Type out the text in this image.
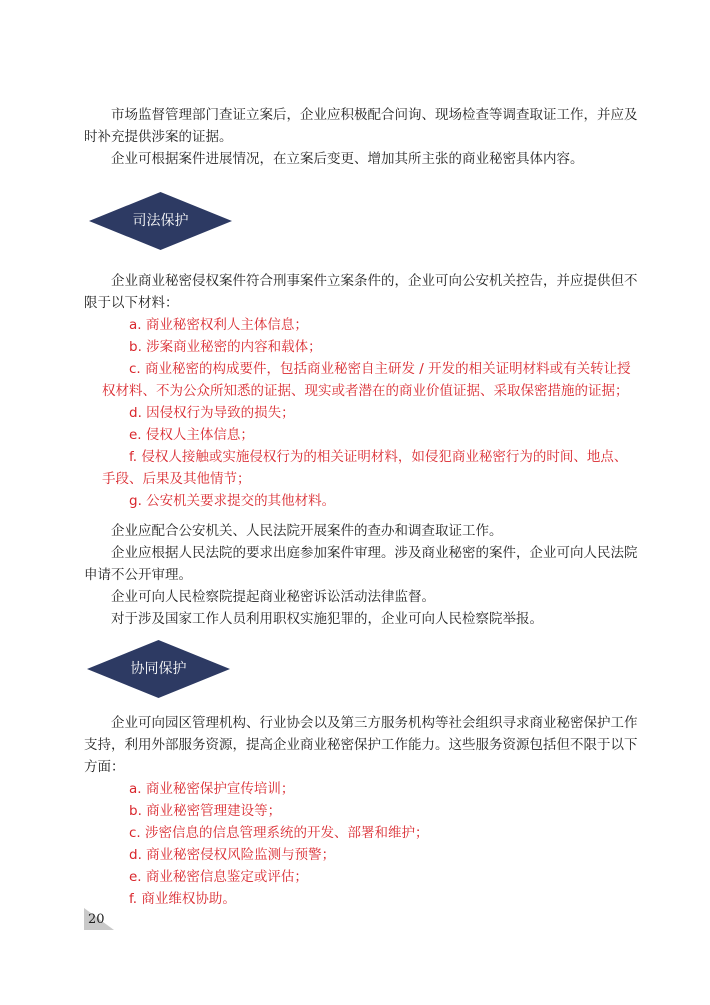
市场监督管理部门查证立案后，企业应积极配合问询、现场检查等调查取证工作，并应及时补充提供涉案的证据。
企业可根据案件进展情况，在立案后变更、增加其所主张的商业秘密具体内容。
司法保护
企业商业秘密侵权案件符合刑事案件立案条件的，企业可向公安机关控告，并应提供但不限于以下材料：
a. 商业秘密权利人主体信息；
b. 涉案商业秘密的内容和载体；
c. 商业秘密的构成要件，包括商业秘密自主研发 / 开发的相关证明材料或有关转让授权材料、不为公众所知悉的证据、现实或者潜在的商业价值证据、采取保密措施的证据；
d. 因侵权行为导致的损失；
e. 侵权人主体信息；
f. 侵权人接触或实施侵权行为的相关证明材料，如侵犯商业秘密行为的时间、地点、手段、后果及其他情节；
g. 公安机关要求提交的其他材料。
企业应配合公安机关、人民法院开展案件的查办和调查取证工作。
企业应根据人民法院的要求出庭参加案件审理。涉及商业秘密的案件，企业可向人民法院申请不公开审理。
企业可向人民检察院提起商业秘密诉讼活动法律监督。
对于涉及国家工作人员利用职权实施犯罪的，企业可向人民检察院举报。
协同保护
企业可向园区管理机构、行业协会以及第三方服务机构等社会组织寻求商业秘密保护工作支持，利用外部服务资源，提高企业商业秘密保护工作能力。这些服务资源包括但不限于以下方面：
a. 商业秘密保护宣传培训；
b. 商业秘密管理建设等；
c. 涉密信息的信息管理系统的开发、部署和维护；
d. 商业秘密侵权风险监测与预警；
e. 商业秘密信息鉴定或评估；
f. 商业维权协助。
20
